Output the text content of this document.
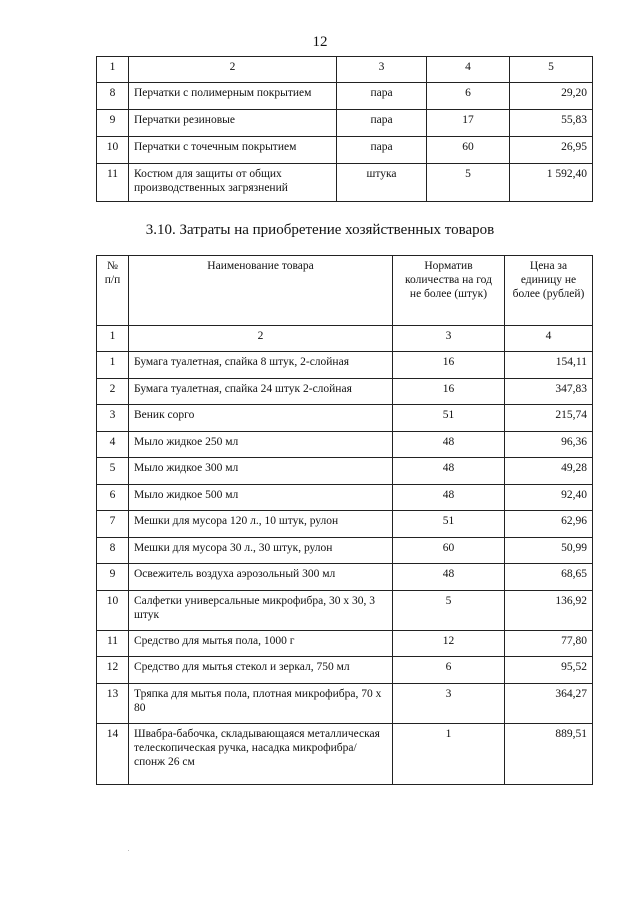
12
1	2	3	4	5
8	Перчатки с полимерным покрытием	пара	6	29,20
9	Перчатки резиновые	пара	17	55,83
10	Перчатки с точечным покрытием	пара	60	26,95
11	Костюм для защиты от общих производственных загрязнений	штука	5	1 592,40
3.10. Затраты на приобретение хозяйственных товаров
№ п/п	Наименование товара	Норматив количества на год не более (штук)	Цена за единицу не более (рублей)
1	2	3	4
1	Бумага туалетная, спайка 8 штук, 2-слойная	16	154,11
2	Бумага туалетная, спайка 24 штук 2-слойная	16	347,83
3	Веник сорго	51	215,74
4	Мыло жидкое 250 мл	48	96,36
5	Мыло жидкое 300 мл	48	49,28
6	Мыло жидкое 500 мл	48	92,40
7	Мешки для мусора 120 л., 10 штук, рулон	51	62,96
8	Мешки для мусора 30 л., 30 штук, рулон	60	50,99
9	Освежитель воздуха аэрозольный 300 мл	48	68,65
10	Салфетки универсальные микрофибра, 30 х 30, 3 штук	5	136,92
11	Средство для мытья пола, 1000 г	12	77,80
12	Средство для мытья стекол и зеркал, 750 мл	6	95,52
13	Тряпка для мытья пола, плотная микрофибра, 70 х 80	3	364,27
14	Швабра-бабочка, складывающаяся металлическая телескопическая ручка, насадка микрофибра/спонж 26 см	1	889,51
